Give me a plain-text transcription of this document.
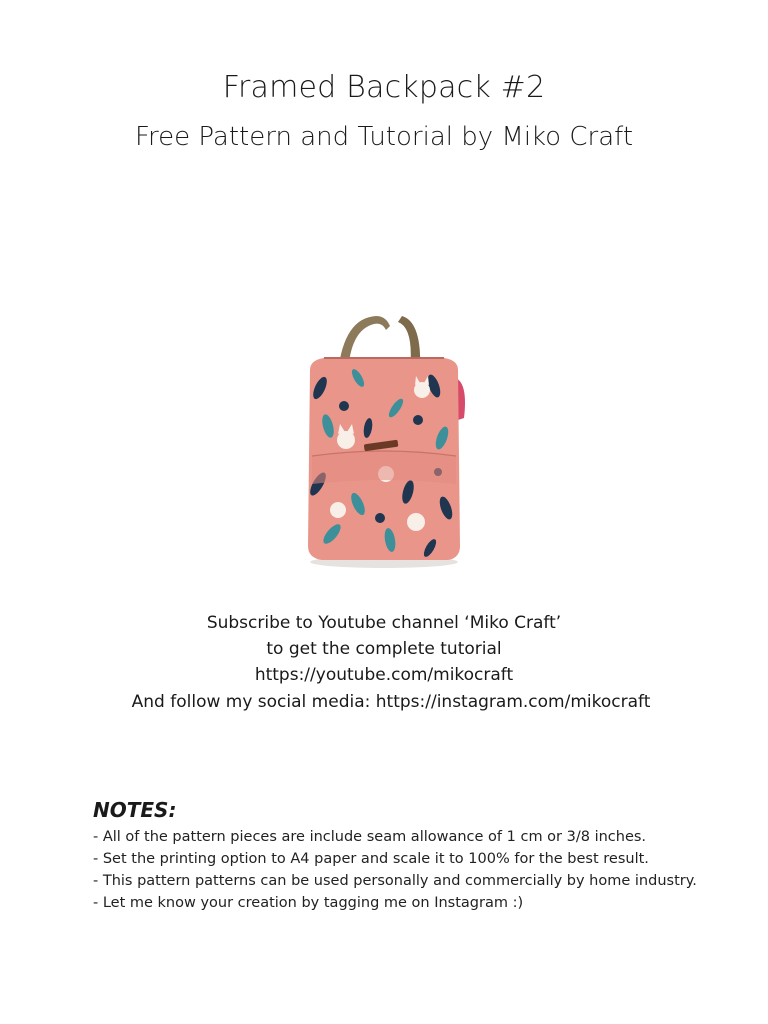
Framed Backpack #2
Free Pattern and Tutorial by Miko Craft
Subscribe to Youtube channel ‘Miko Craft’
to get the complete tutorial
https://youtube.com/mikocraft
And follow my social media: https://instagram.com/mikocraft
NOTES:
- All of the pattern pieces are include seam allowance of 1 cm or 3/8 inches.
- Set the printing option to A4 paper and scale it to 100% for the best result.
- This pattern patterns can be used personally and commercially by home industry.
- Let me know your creation by tagging me on Instagram :)
